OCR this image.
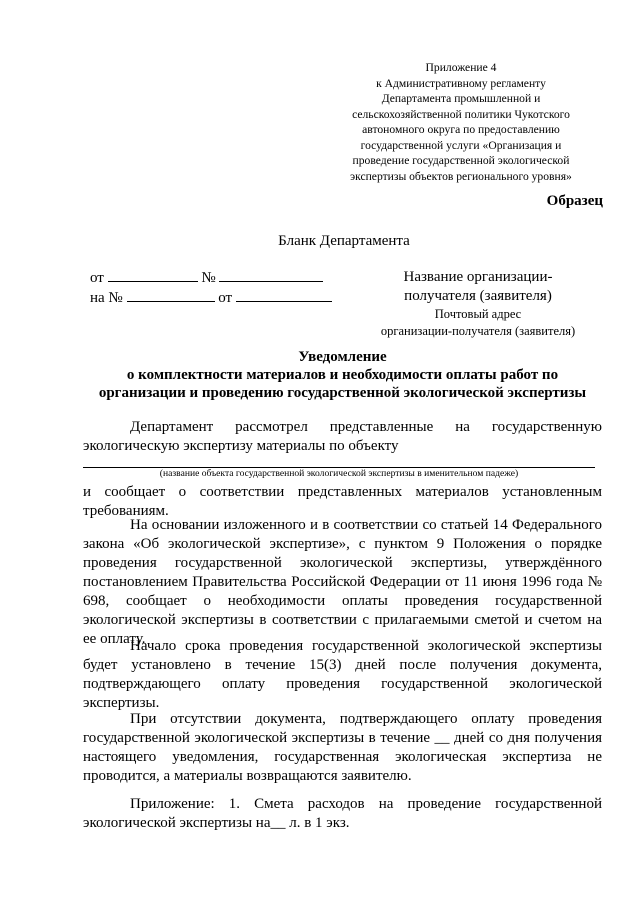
Приложение 4
к Административному регламенту
Департамента промышленной и
сельскохозяйственной политики Чукотского
автономного округа по предоставлению
государственной услуги «Организация и
проведение государственной экологической
экспертизы объектов регионального уровня»
Образец
Бланк Департамента
от	№
на №	от
Название организации-
получателя (заявителя)
Почтовый адрес
организации-получателя (заявителя)
Уведомление
о комплектности материалов и необходимости оплаты работ по
организации и проведению государственной экологической экспертизы
Департамент рассмотрел представленные на государственную экологическую экспертизу материалы по объекту
(название объекта государственной экологической экспертизы в именительном падеже)
и сообщает о соответствии представленных материалов установленным требованиям.
На основании изложенного и в соответствии со статьей 14 Федерального закона «Об экологической экспертизе», с пунктом 9 Положения о порядке проведения государственной экологической экспертизы, утверждённого постановлением Правительства Российской Федерации от 11 июня 1996 года № 698, сообщает о необходимости оплаты проведения государственной экологической экспертизы в соответствии с прилагаемыми сметой и счетом на ее оплату.
Начало срока проведения государственной экологической экспертизы будет установлено в течение 15(3) дней после получения документа, подтверждающего оплату проведения государственной экологической экспертизы.
При отсутствии документа, подтверждающего оплату проведения государственной экологической экспертизы в течение __ дней со дня получения настоящего уведомления, государственная экологическая экспертиза не проводится, а материалы возвращаются заявителю.
Приложение: 1. Смета расходов на проведение государственной экологической экспертизы на__ л. в 1 экз.
